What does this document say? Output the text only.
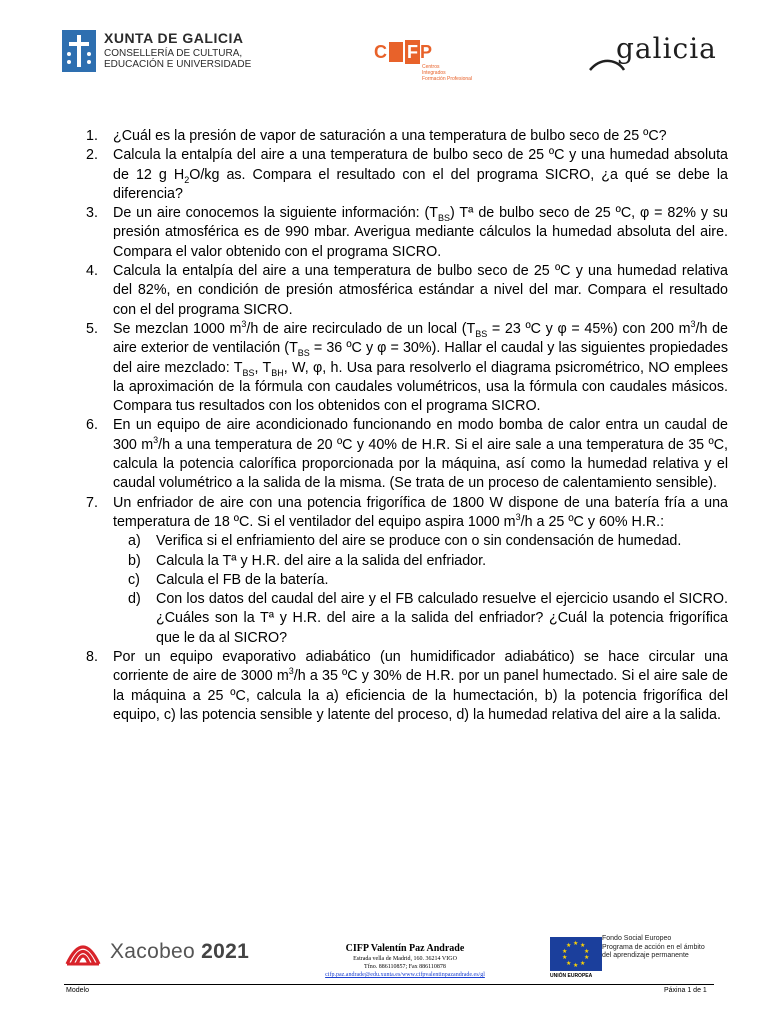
XUNTA DE GALICIA
CONSELLERÍA DE CULTURA,
EDUCACIÓN E UNIVERSIDADE
C F P
Centros
Integrados
Formación Profesional
galicia
1.	¿Cuál es la presión de vapor de saturación a una temperatura de bulbo seco de 25 ºC?
2.	Calcula la entalpía del aire a una temperatura de bulbo seco de 25 ºC y una humedad absoluta de 12 g $H_2O/kg$ as. Compara el resultado con el del programa SICRO, ¿a qué se debe la diferencia?
3.	De un aire conocemos la siguiente información: $(T_{BS})$ Tª de bulbo seco de 25 ºC, φ = 82% y su presión atmosférica es de 990 mbar. Averigua mediante cálculos la humedad absoluta del aire. Compara el valor obtenido con el programa SICRO.
4.	Calcula la entalpía del aire a una temperatura de bulbo seco de 25 ºC y una humedad relativa del 82%, en condición de presión atmosférica estándar a nivel del mar. Compara el resultado con el del programa SICRO.
5.	Se mezclan 1000 $m^3/h$ de aire recirculado de un local ($T_{BS} = 23$ ºC y φ = 45%) con 200 $m^3/h$ de aire exterior de ventilación ($T_{BS} = 36$ ºC y φ = 30%). Hallar el caudal y las siguientes propiedades del aire mezclado: $T_{BS}$, $T_{BH}$, W, φ, h. Usa para resolverlo el diagrama psicrométrico, NO emplees la aproximación de la fórmula con caudales volumétricos, usa la fórmula con caudales másicos. Compara tus resultados con los obtenidos con el programa SICRO.
6.	En un equipo de aire acondicionado funcionando en modo bomba de calor entra un caudal de 300 $m^3/h$ a una temperatura de 20 ºC y 40% de H.R. Si el aire sale a una temperatura de 35 ºC, calcula la potencia calorífica proporcionada por la máquina, así como la humedad relativa y el caudal volumétrico a la salida de la misma. (Se trata de un proceso de calentamiento sensible).
7.	Un enfriador de aire con una potencia frigorífica de 1800 W dispone de una batería fría a una temperatura de 18 ºC. Si el ventilador del equipo aspira 1000 $m^3/h$ a 25 ºC y 60% H.R.:
a)	Verifica si el enfriamiento del aire se produce con o sin condensación de humedad.
b)	Calcula la Tª y H.R. del aire a la salida del enfriador.
c)	Calcula el FB de la batería.
d)	Con los datos del caudal del aire y el FB calculado resuelve el ejercicio usando el SICRO. ¿Cuáles son la Tª y H.R. del aire a la salida del enfriador? ¿Cuál la potencia frigorífica que le da al SICRO?
8.	Por un equipo evaporativo adiabático (un humidificador adiabático) se hace circular una corriente de aire de 3000 $m^3/h$ a 35 ºC y 30% de H.R. por un panel humectado. Si el aire sale de la máquina a 25 ºC, calcula la a) eficiencia de la humectación, b) la potencia frigorífica del equipo, c) las potencia sensible y latente del proceso, d) la humedad relativa del aire a la salida.
Xacobeo 2021	CIFP Valentín Paz Andrade
Estrada vella de Madrid, 160. 36214 VIGO
Tfno. 886110857; Fax 886110878
cifp.paz.andrade@edu.xunta.es/www.cifpvalentinpazandrade.es/gl
★ ★
★
★
★
★
★
★
★
★
UNIÓN EUROPEA
Fondo Social Europeo
Programa de acción en el ámbito
del aprendizaje permanente
Modelo	Páxina 1 de 1
